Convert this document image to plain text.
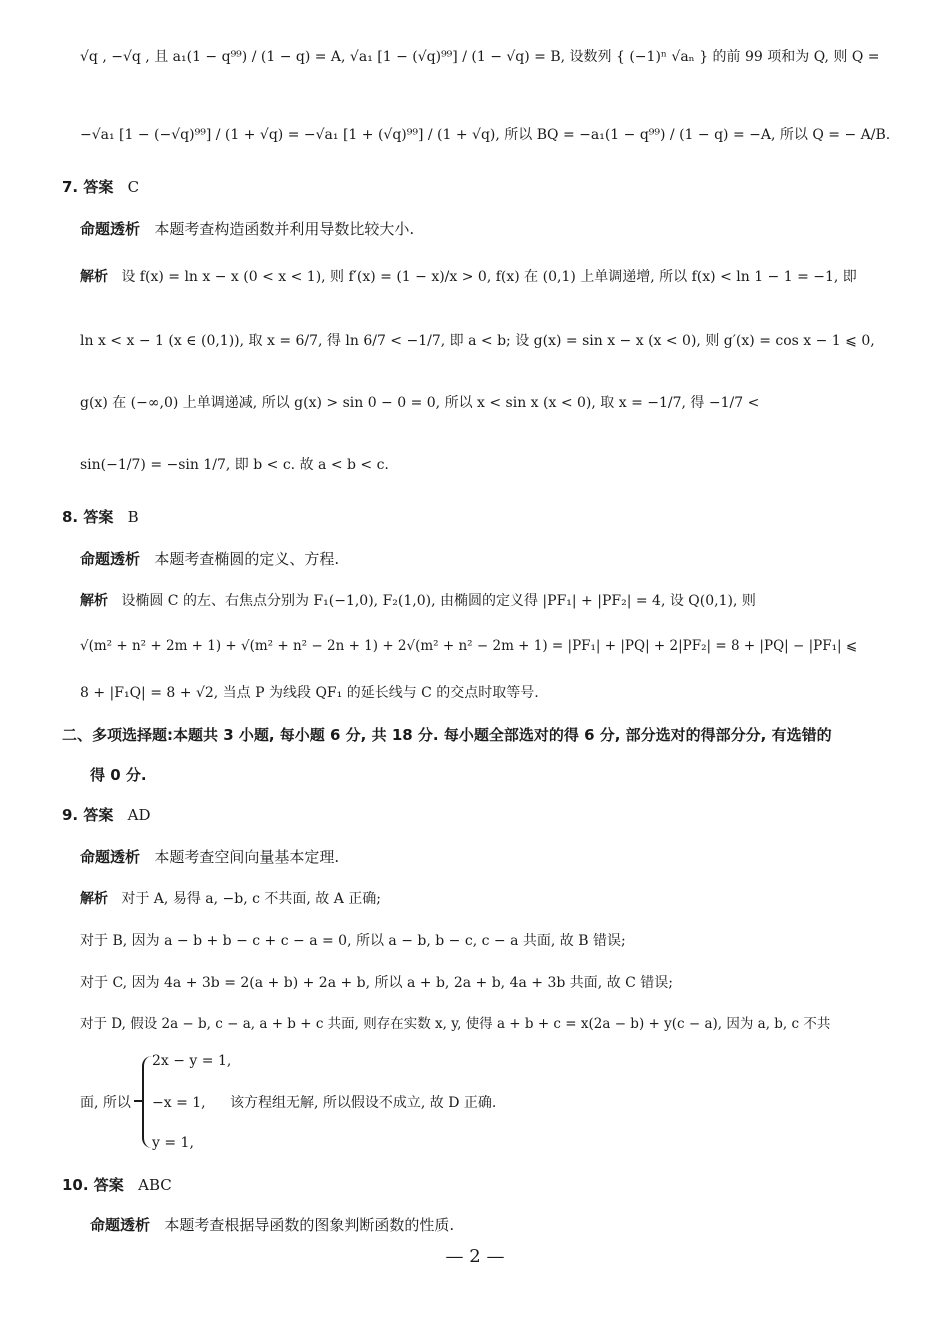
√q , −√q , 且 a₁(1 − q⁹⁹) / (1 − q) = A, √a₁ [1 − (√q)⁹⁹] / (1 − √q) = B, 设数列 { (−1)ⁿ √aₙ } 的前 99 项和为 Q, 则 Q =
−√a₁ [1 − (−√q)⁹⁹] / (1 + √q) = −√a₁ [1 + (√q)⁹⁹] / (1 + √q), 所以 BQ = −a₁(1 − q⁹⁹) / (1 − q) = −A, 所以 Q = − A/B.
7. 答案 C
命题透析 本题考查构造函数并利用导数比较大小.
解析 设 f(x) = ln x − x (0 < x < 1), 则 f′(x) = (1 − x)/x > 0, f(x) 在 (0,1) 上单调递增, 所以 f(x) < ln 1 − 1 = −1, 即
ln x < x − 1 (x ∈ (0,1)), 取 x = 6/7, 得 ln 6/7 < −1/7, 即 a < b; 设 g(x) = sin x − x (x < 0), 则 g′(x) = cos x − 1 ⩽ 0,
g(x) 在 (−∞,0) 上单调递减, 所以 g(x) > sin 0 − 0 = 0, 所以 x < sin x (x < 0), 取 x = −1/7, 得 −1/7 <
sin(−1/7) = −sin 1/7, 即 b < c. 故 a < b < c.
8. 答案 B
命题透析 本题考查椭圆的定义、方程.
解析 设椭圆 C 的左、右焦点分别为 F₁(−1,0), F₂(1,0), 由椭圆的定义得 |PF₁| + |PF₂| = 4, 设 Q(0,1), 则
√(m² + n² + 2m + 1) + √(m² + n² − 2n + 1) + 2√(m² + n² − 2m + 1) = |PF₁| + |PQ| + 2|PF₂| = 8 + |PQ| − |PF₁| ⩽
8 + |F₁Q| = 8 + √2, 当点 P 为线段 QF₁ 的延长线与 C 的交点时取等号.
二、多项选择题:本题共 3 小题, 每小题 6 分, 共 18 分. 每小题全部选对的得 6 分, 部分选对的得部分分, 有选错的
得 0 分.
9. 答案 AD
命题透析 本题考查空间向量基本定理.
解析 对于 A, 易得 a, −b, c 不共面, 故 A 正确;
对于 B, 因为 a − b + b − c + c − a = 0, 所以 a − b, b − c, c − a 共面, 故 B 错误;
对于 C, 因为 4a + 3b = 2(a + b) + 2a + b, 所以 a + b, 2a + b, 4a + 3b 共面, 故 C 错误;
对于 D, 假设 2a − b, c − a, a + b + c 共面, 则存在实数 x, y, 使得 a + b + c = x(2a − b) + y(c − a), 因为 a, b, c 不共
面, 所以
2x − y = 1,
−x = 1,
y = 1,
该方程组无解, 所以假设不成立, 故 D 正确.
10. 答案 ABC
命题透析 本题考查根据导函数的图象判断函数的性质.
— 2 —
